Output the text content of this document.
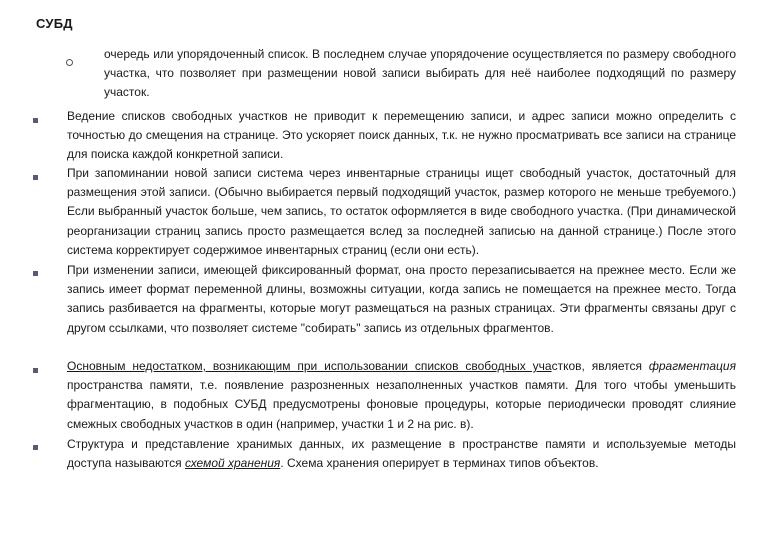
СУБД
очередь или упорядоченный список. В последнем случае упорядочение осуществляется по размеру свободного участка, что позволяет при размещении новой записи выбирать для неё наиболее подходящий по размеру участок.
Ведение списков свободных участков не приводит к перемещению записи, и адрес записи можно определить с точностью до смещения на странице. Это ускоряет поиск данных, т.к. не нужно просматривать все записи на странице для поиска каждой конкретной записи.
При запоминании новой записи система через инвентарные страницы ищет свободный участок, достаточный для размещения этой записи. (Обычно выбирается первый подходящий участок, размер которого не меньше требуемого.) Если выбранный участок больше, чем запись, то остаток оформляется в виде свободного участка. (При динамической реорганизации страниц запись просто размещается вслед за последней записью на данной странице.) После этого система корректирует содержимое инвентарных страниц (если они есть).
При изменении записи, имеющей фиксированный формат, она просто перезаписывается на прежнее место. Если же запись имеет формат переменной длины, возможны ситуации, когда запись не помещается на прежнее место. Тогда запись разбивается на фрагменты, которые могут размещаться на разных страницах. Эти фрагменты связаны друг с другом ссылками, что позволяет системе "собирать" запись из отдельных фрагментов.
Основным недостатком, возникающим при использовании списков свободных участков, является фрагментация пространства памяти, т.е. появление разрозненных незаполненных участков памяти. Для того чтобы уменьшить фрагментацию, в подобных СУБД предусмотрены фоновые процедуры, которые периодически проводят слияние смежных свободных участков в один (например, участки 1 и 2 на рис. в).
Структура и представление хранимых данных, их размещение в пространстве памяти и используемые методы доступа называются схемой хранения. Схема хранения оперирует в терминах типов объектов.
